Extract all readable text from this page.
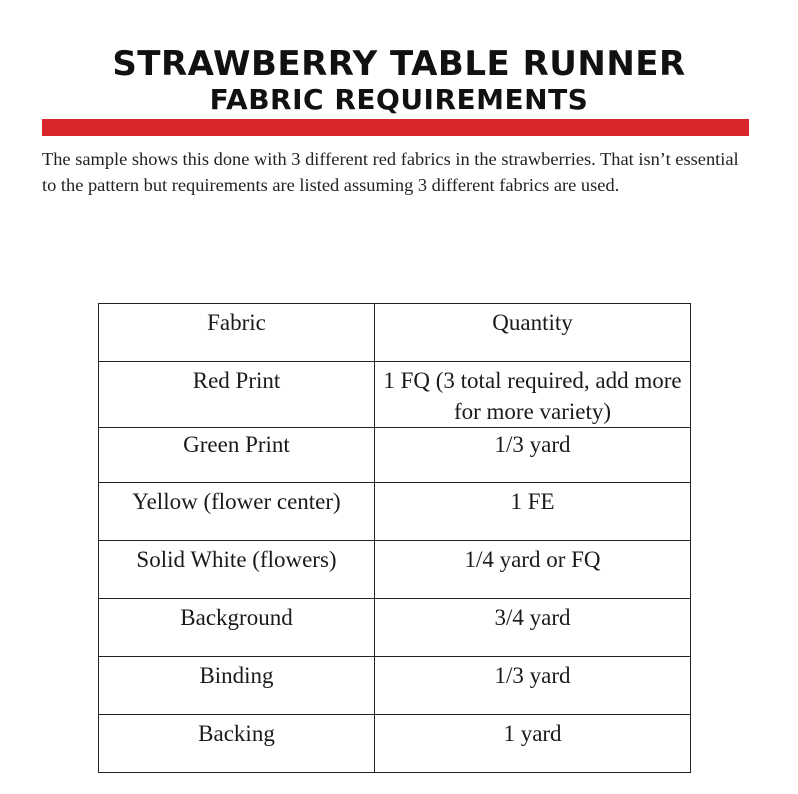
STRAWBERRY TABLE RUNNER
FABRIC REQUIREMENTS

The sample shows this done with 3 different red fabrics in the strawberries. That isn’t essential to the pattern but requirements are listed assuming 3 different fabrics are used.

Fabric	Quantity
Red Print	1 FQ (3 total required, add more for more variety)
Green Print	1/3 yard
Yellow (flower center)	1 FE
Solid White (flowers)	1/4 yard or FQ
Background	3/4 yard
Binding	1/3 yard
Backing	1 yard
